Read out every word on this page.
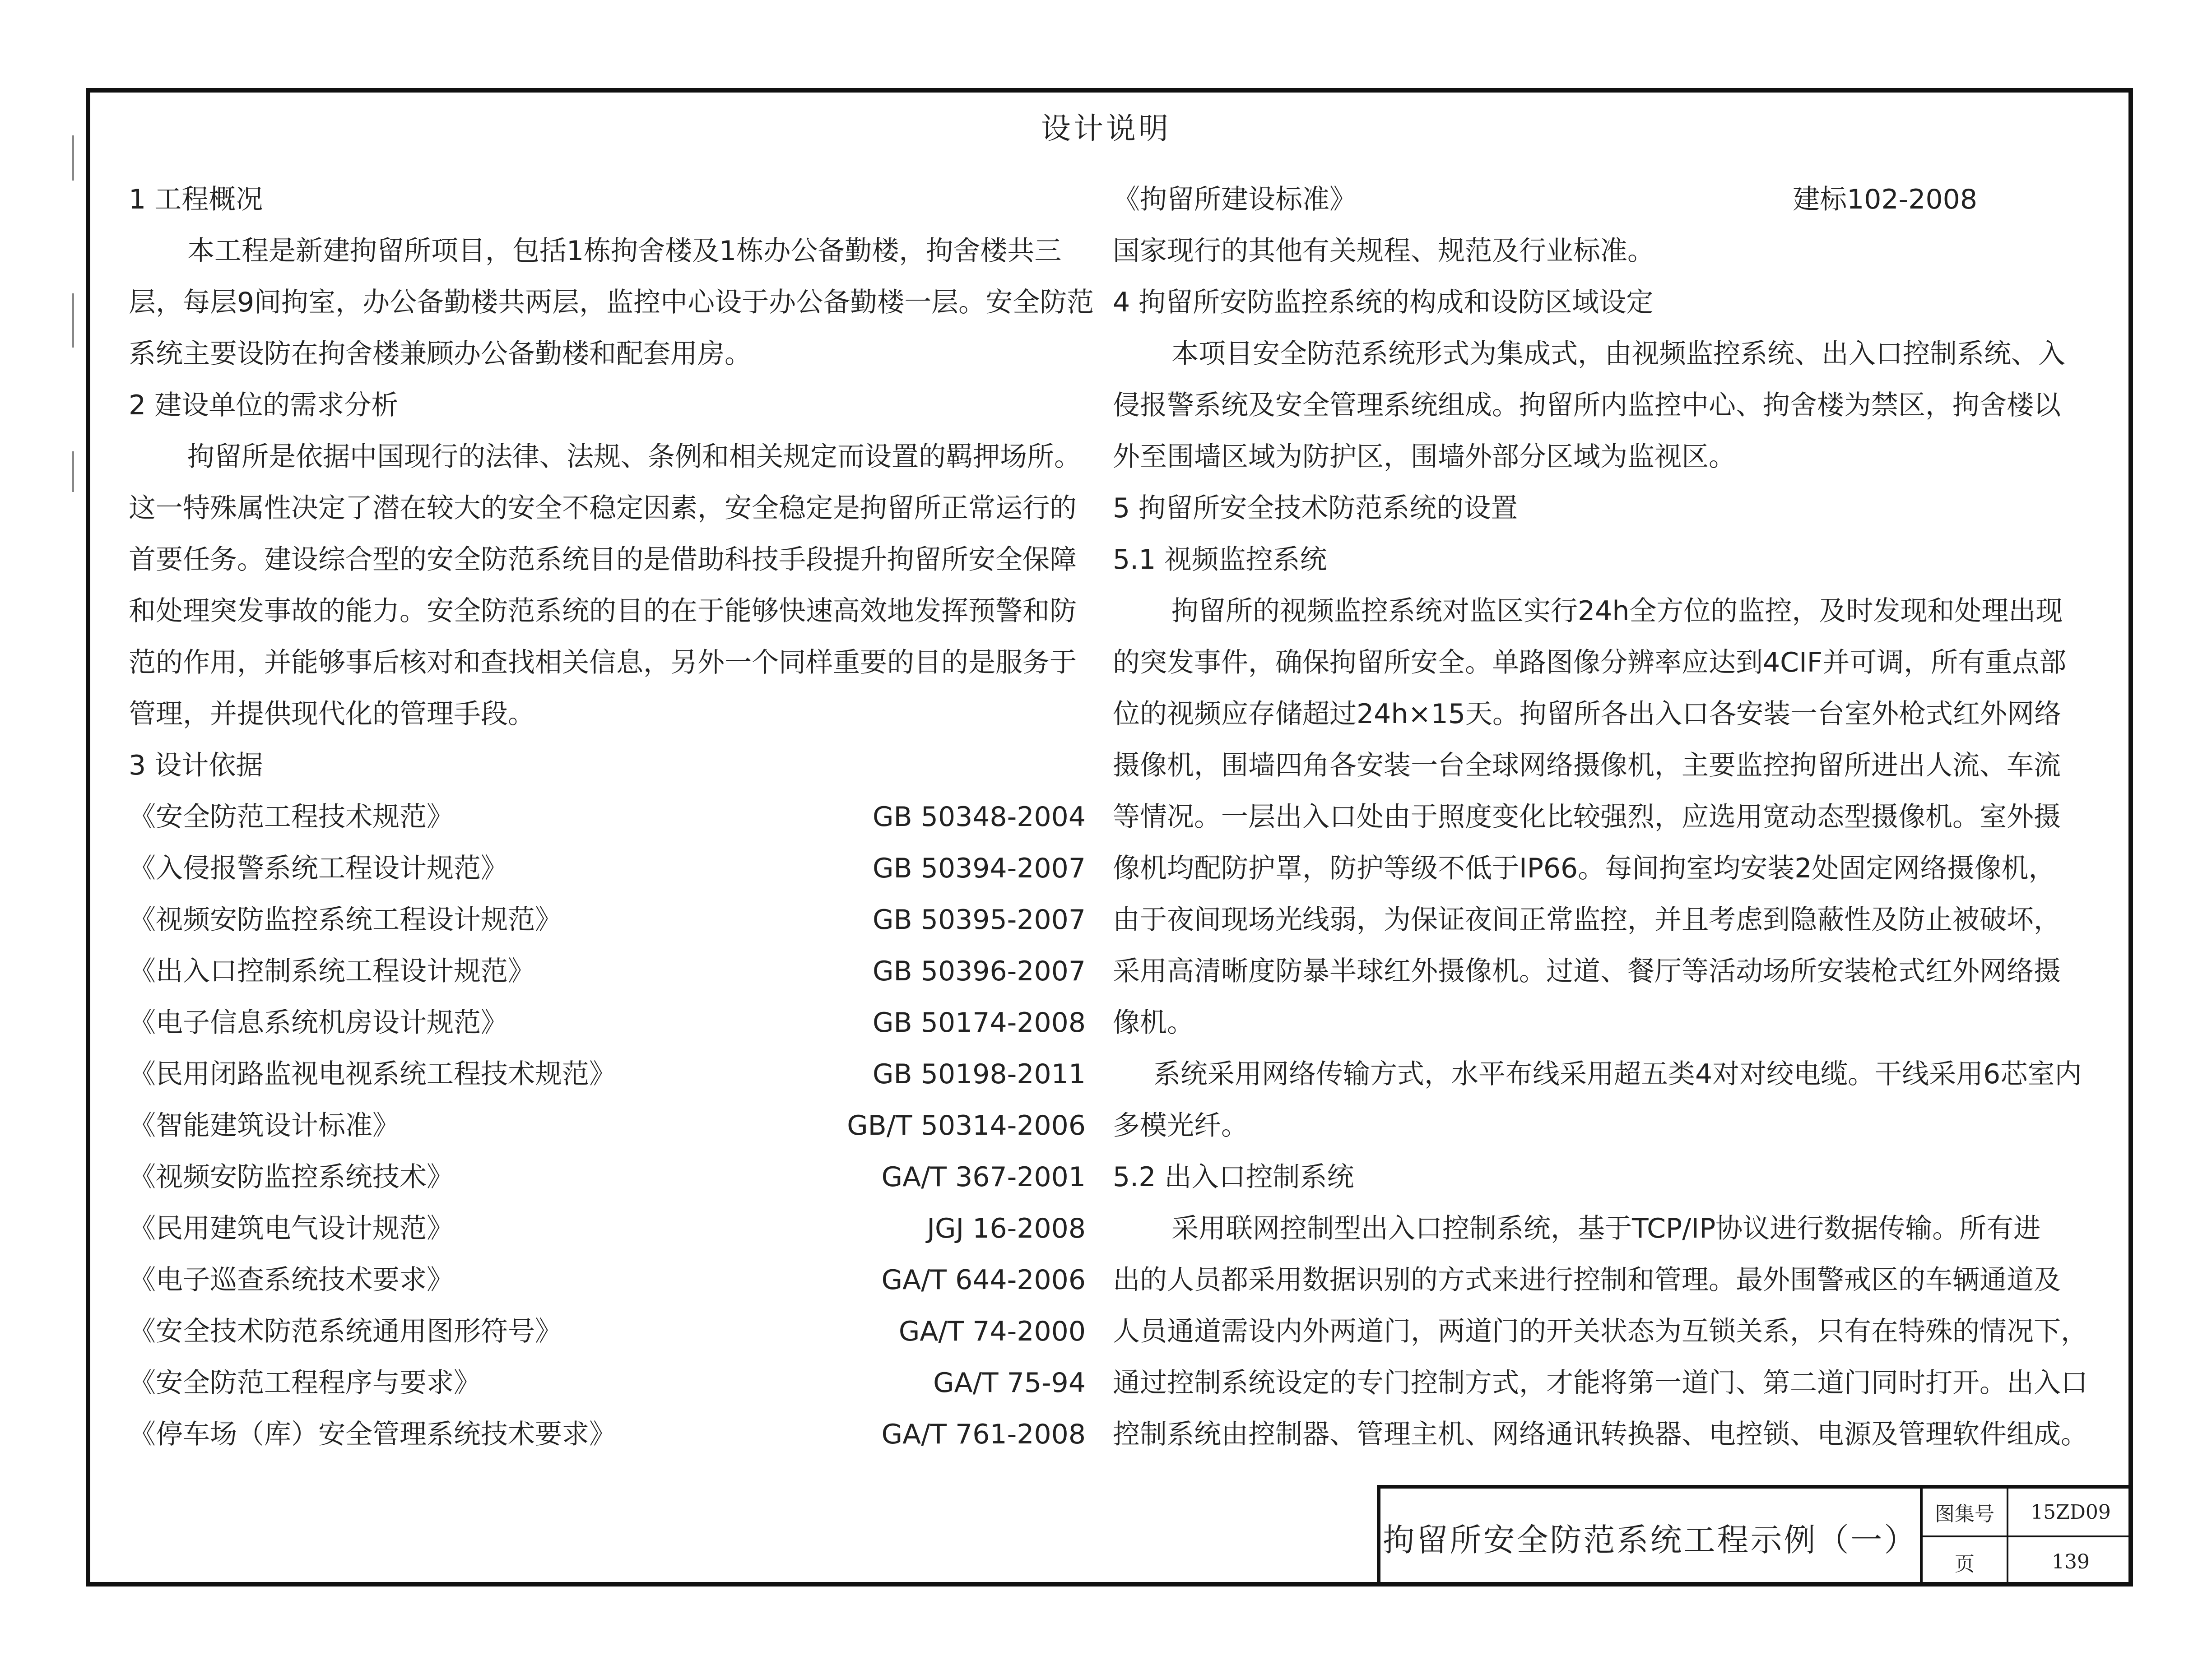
设计说明

1 工程概况

本工程是新建拘留所项目，包括1栋拘舍楼及1栋办公备勤楼，拘舍楼共三

层，每层9间拘室，办公备勤楼共两层，监控中心设于办公备勤楼一层。安全防范

系统主要设防在拘舍楼兼顾办公备勤楼和配套用房。

2 建设单位的需求分析

拘留所是依据中国现行的法律、法规、条例和相关规定而设置的羁押场所。

这一特殊属性决定了潜在较大的安全不稳定因素，安全稳定是拘留所正常运行的

首要任务。建设综合型的安全防范系统目的是借助科技手段提升拘留所安全保障

和处理突发事故的能力。安全防范系统的目的在于能够快速高效地发挥预警和防

范的作用，并能够事后核对和查找相关信息，另外一个同样重要的目的是服务于

管理，并提供现代化的管理手段。

3 设计依据

《安全防范工程技术规范》	GB 50348-2004
《入侵报警系统工程设计规范》	GB 50394-2007
《视频安防监控系统工程设计规范》	GB 50395-2007
《出入口控制系统工程设计规范》	GB 50396-2007
《电子信息系统机房设计规范》	GB 50174-2008
《民用闭路监视电视系统工程技术规范》	GB 50198-2011
《智能建筑设计标准》	GB/T 50314-2006
《视频安防监控系统技术》	GA/T 367-2001
《民用建筑电气设计规范》	JGJ 16-2008
《电子巡查系统技术要求》	GA/T 644-2006
《安全技术防范系统通用图形符号》	GA/T 74-2000
《安全防范工程程序与要求》	GA/T 75-94
《停车场（库）安全管理系统技术要求》	GA/T 761-2008
《拘留所建设标准》	建标102-2008

国家现行的其他有关规程、规范及行业标准。

4 拘留所安防监控系统的构成和设防区域设定

本项目安全防范系统形式为集成式，由视频监控系统、出入口控制系统、入

侵报警系统及安全管理系统组成。拘留所内监控中心、拘舍楼为禁区，拘舍楼以

外至围墙区域为防护区，围墙外部分区域为监视区。

5 拘留所安全技术防范系统的设置

5.1 视频监控系统

拘留所的视频监控系统对监区实行24h全方位的监控，及时发现和处理出现

的突发事件，确保拘留所安全。单路图像分辨率应达到4CIF并可调，所有重点部

位的视频应存储超过24h×15天。拘留所各出入口各安装一台室外枪式红外网络

摄像机，围墙四角各安装一台全球网络摄像机，主要监控拘留所进出人流、车流

等情况。一层出入口处由于照度变化比较强烈，应选用宽动态型摄像机。室外摄

像机均配防护罩，防护等级不低于IP66。每间拘室均安装2处固定网络摄像机，

由于夜间现场光线弱，为保证夜间正常监控，并且考虑到隐蔽性及防止被破坏，

采用高清晰度防暴半球红外摄像机。过道、餐厅等活动场所安装枪式红外网络摄

像机。

系统采用网络传输方式，水平布线采用超五类4对对绞电缆。干线采用6芯室内

多模光纤。

5.2 出入口控制系统

采用联网控制型出入口控制系统，基于TCP/IP协议进行数据传输。所有进

出的人员都采用数据识别的方式来进行控制和管理。最外围警戒区的车辆通道及

人员通道需设内外两道门，两道门的开关状态为互锁关系，只有在特殊的情况下，

通过控制系统设定的专门控制方式，才能将第一道门、第二道门同时打开。出入口

控制系统由控制器、管理主机、网络通讯转换器、电控锁、电源及管理软件组成。

拘留所安全防范系统工程示例（一）
图集号	15ZD09
页	139
